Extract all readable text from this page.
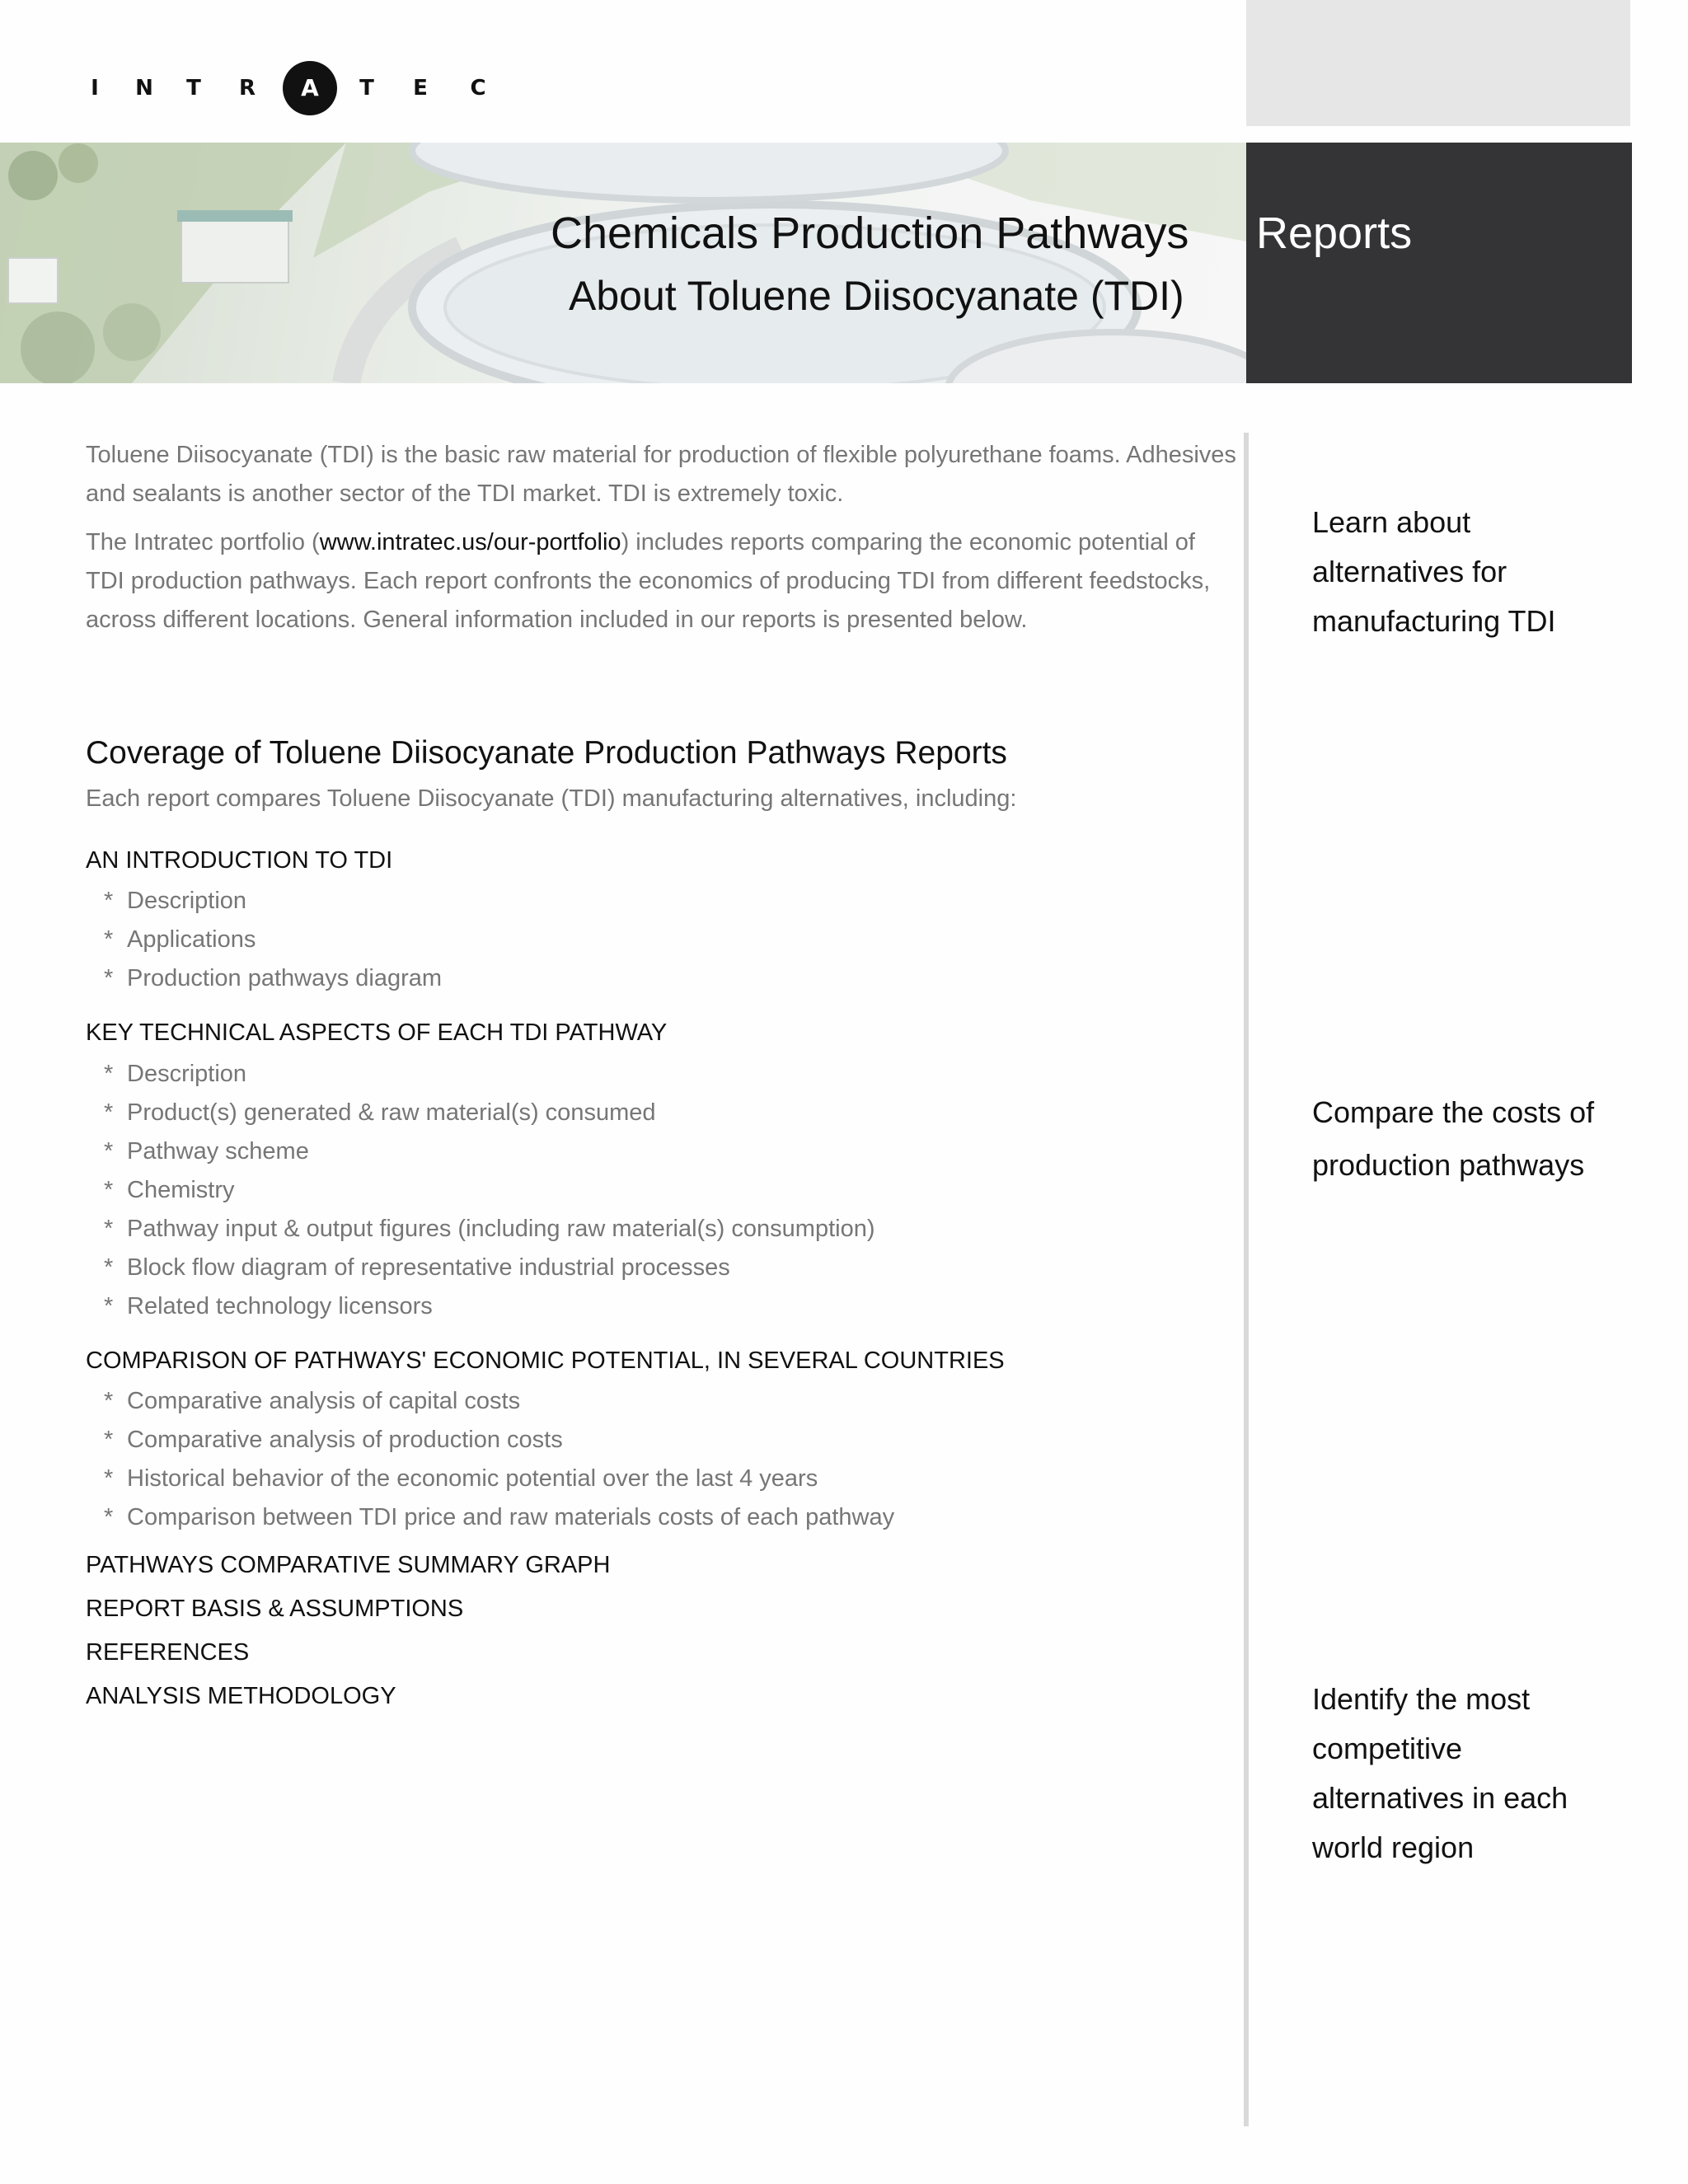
I	N	T	R	A	T	E	C
Chemicals Production Pathways Reports
About Toluene Diisocyanate (TDI)
Toluene Diisocyanate (TDI) is the basic raw material for production of flexible polyurethane foams. Adhesives and sealants is another sector of the TDI market. TDI is extremely toxic.
The Intratec portfolio (www.intratec.us/our-portfolio) includes reports comparing the economic potential of TDI production pathways. Each report confronts the economics of producing TDI from different feedstocks, across different locations. General information included in our reports is presented below.
Coverage of Toluene Diisocyanate Production Pathways Reports
Each report compares Toluene Diisocyanate (TDI) manufacturing alternatives, including:
AN INTRODUCTION TO TDI
* Description
* Applications
* Production pathways diagram
KEY TECHNICAL ASPECTS OF EACH TDI PATHWAY
* Description
* Product(s) generated & raw material(s) consumed
* Pathway scheme
* Chemistry
* Pathway input & output figures (including raw material(s) consumption)
* Block flow diagram of representative industrial processes
* Related technology licensors
COMPARISON OF PATHWAYS' ECONOMIC POTENTIAL, IN SEVERAL COUNTRIES
* Comparative analysis of capital costs
* Comparative analysis of production costs
* Historical behavior of the economic potential over the last 4 years
* Comparison between TDI price and raw materials costs of each pathway
PATHWAYS COMPARATIVE SUMMARY GRAPH
REPORT BASIS & ASSUMPTIONS
REFERENCES
ANALYSIS METHODOLOGY
Learn about alternatives for manufacturing TDI
Compare the costs of production pathways
Identify the most competitive alternatives in each world region
